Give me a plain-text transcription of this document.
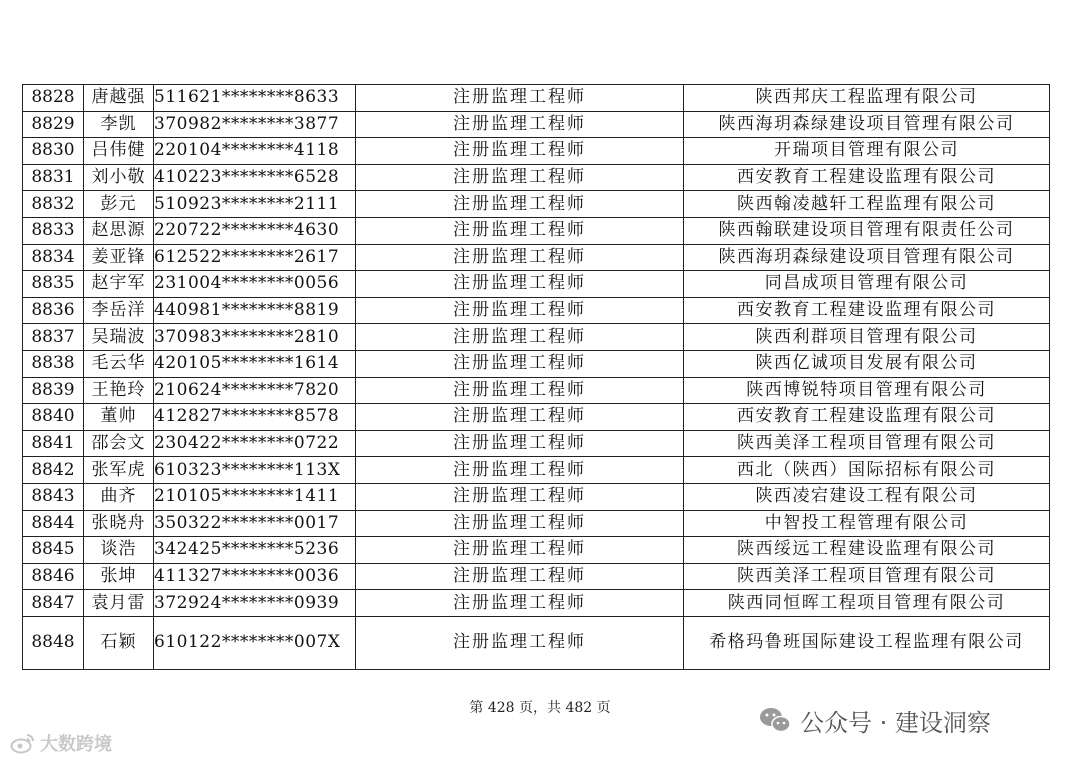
8828	唐越强	511621********8633	注册监理工程师	陕西邦庆工程监理有限公司
8829	李凯	370982********3877	注册监理工程师	陕西海玥森绿建设项目管理有限公司
8830	吕伟健	220104********4118	注册监理工程师	开瑞项目管理有限公司
8831	刘小敬	410223********6528	注册监理工程师	西安教育工程建设监理有限公司
8832	彭元	510923********2111	注册监理工程师	陕西翰凌越轩工程监理有限公司
8833	赵思源	220722********4630	注册监理工程师	陕西翰联建设项目管理有限责任公司
8834	姜亚锋	612522********2617	注册监理工程师	陕西海玥森绿建设项目管理有限公司
8835	赵宇军	231004********0056	注册监理工程师	同昌成项目管理有限公司
8836	李岳洋	440981********8819	注册监理工程师	西安教育工程建设监理有限公司
8837	吴瑞波	370983********2810	注册监理工程师	陕西利群项目管理有限公司
8838	毛云华	420105********1614	注册监理工程师	陕西亿诚项目发展有限公司
8839	王艳玲	210624********7820	注册监理工程师	陕西博锐特项目管理有限公司
8840	董帅	412827********8578	注册监理工程师	西安教育工程建设监理有限公司
8841	邵会文	230422********0722	注册监理工程师	陕西美泽工程项目管理有限公司
8842	张军虎	610323********113X	注册监理工程师	西北（陕西）国际招标有限公司
8843	曲齐	210105********1411	注册监理工程师	陕西凌宕建设工程有限公司
8844	张晓舟	350322********0017	注册监理工程师	中智投工程管理有限公司
8845	谈浩	342425********5236	注册监理工程师	陕西绥远工程建设监理有限公司
8846	张坤	411327********0036	注册监理工程师	陕西美泽工程项目管理有限公司
8847	袁月雷	372924********0939	注册监理工程师	陕西同恒晖工程项目管理有限公司
8848	石颖	610122********007X	注册监理工程师	希格玛鲁班国际建设工程监理有限公司
第 428 页，共 482 页
大数跨境
公众号 · 建设洞察
